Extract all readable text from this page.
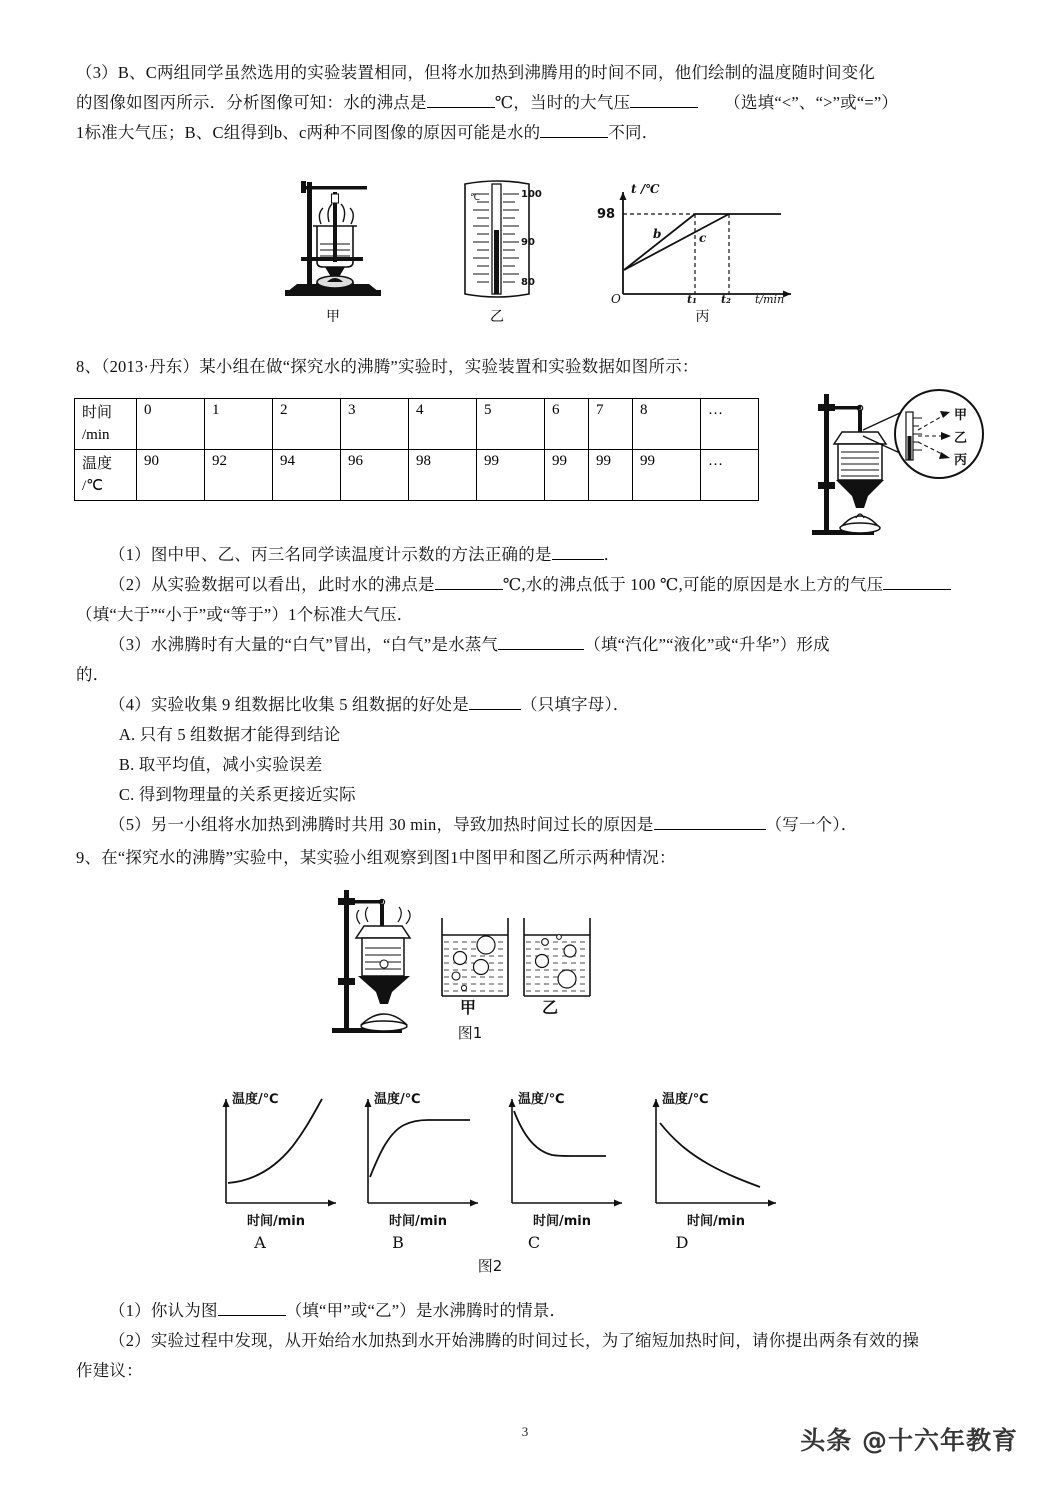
（3）B、C两组同学虽然选用的实验装置相同，但将水加热到沸腾用的时间不同，他们绘制的温度随时间变化
的图像如图丙所示．分析图像可知：水的沸点是	℃，当时的大气压	（选填“<”、“>”或“=”）
1标准大气压；B、C组得到b、c两种不同图像的原因可能是水的	不同．
甲
℃	100
90
80
乙
t /℃
t/min
O
98
b	c
t₁ t₂
丙
8、（2013·丹东）某小组在做“探究水的沸腾”实验时，实验装置和实验数据如图所示：
时间
/min	0	1	2	3	4	5	6	7	8	…
温度
/℃	90	92	94	96	98	99	99	99	99	…
甲
乙
丙
（1）图中甲、乙、丙三名同学读温度计示数的方法正确的是	．
（2）从实验数据可以看出，此时水的沸点是	℃,水的沸点低于 100 ℃,可能的原因是水上方的气压
（填“大于”“小于”或“等于”）1个标准大气压．
（3）水沸腾时有大量的“白气”冒出，“白气”是水蒸气	（填“汽化”“液化”或“升华”）形成
的．
（4）实验收集 9 组数据比收集 5 组数据的好处是	（只填字母）．
A. 只有 5 组数据才能得到结论
B. 取平均值，减小实验误差
C. 得到物理量的关系更接近实际
（5）另一小组将水加热到沸腾时共用 30 min，导致加热时间过长的原因是	（写一个）．
9、在“探究水的沸腾”实验中，某实验小组观察到图1中图甲和图乙所示两种情况：
甲	乙
图1
温度/℃
时间/min
A
温度/℃
时间/min
B
温度/℃
时间/min
C
温度/℃
时间/min
D
图2
（1）你认为图	（填“甲”或“乙”）是水沸腾时的情景．
（2）实验过程中发现，从开始给水加热到水开始沸腾的时间过长，为了缩短加热时间，请你提出两条有效的操
作建议：
3	头条 @十六年教育
